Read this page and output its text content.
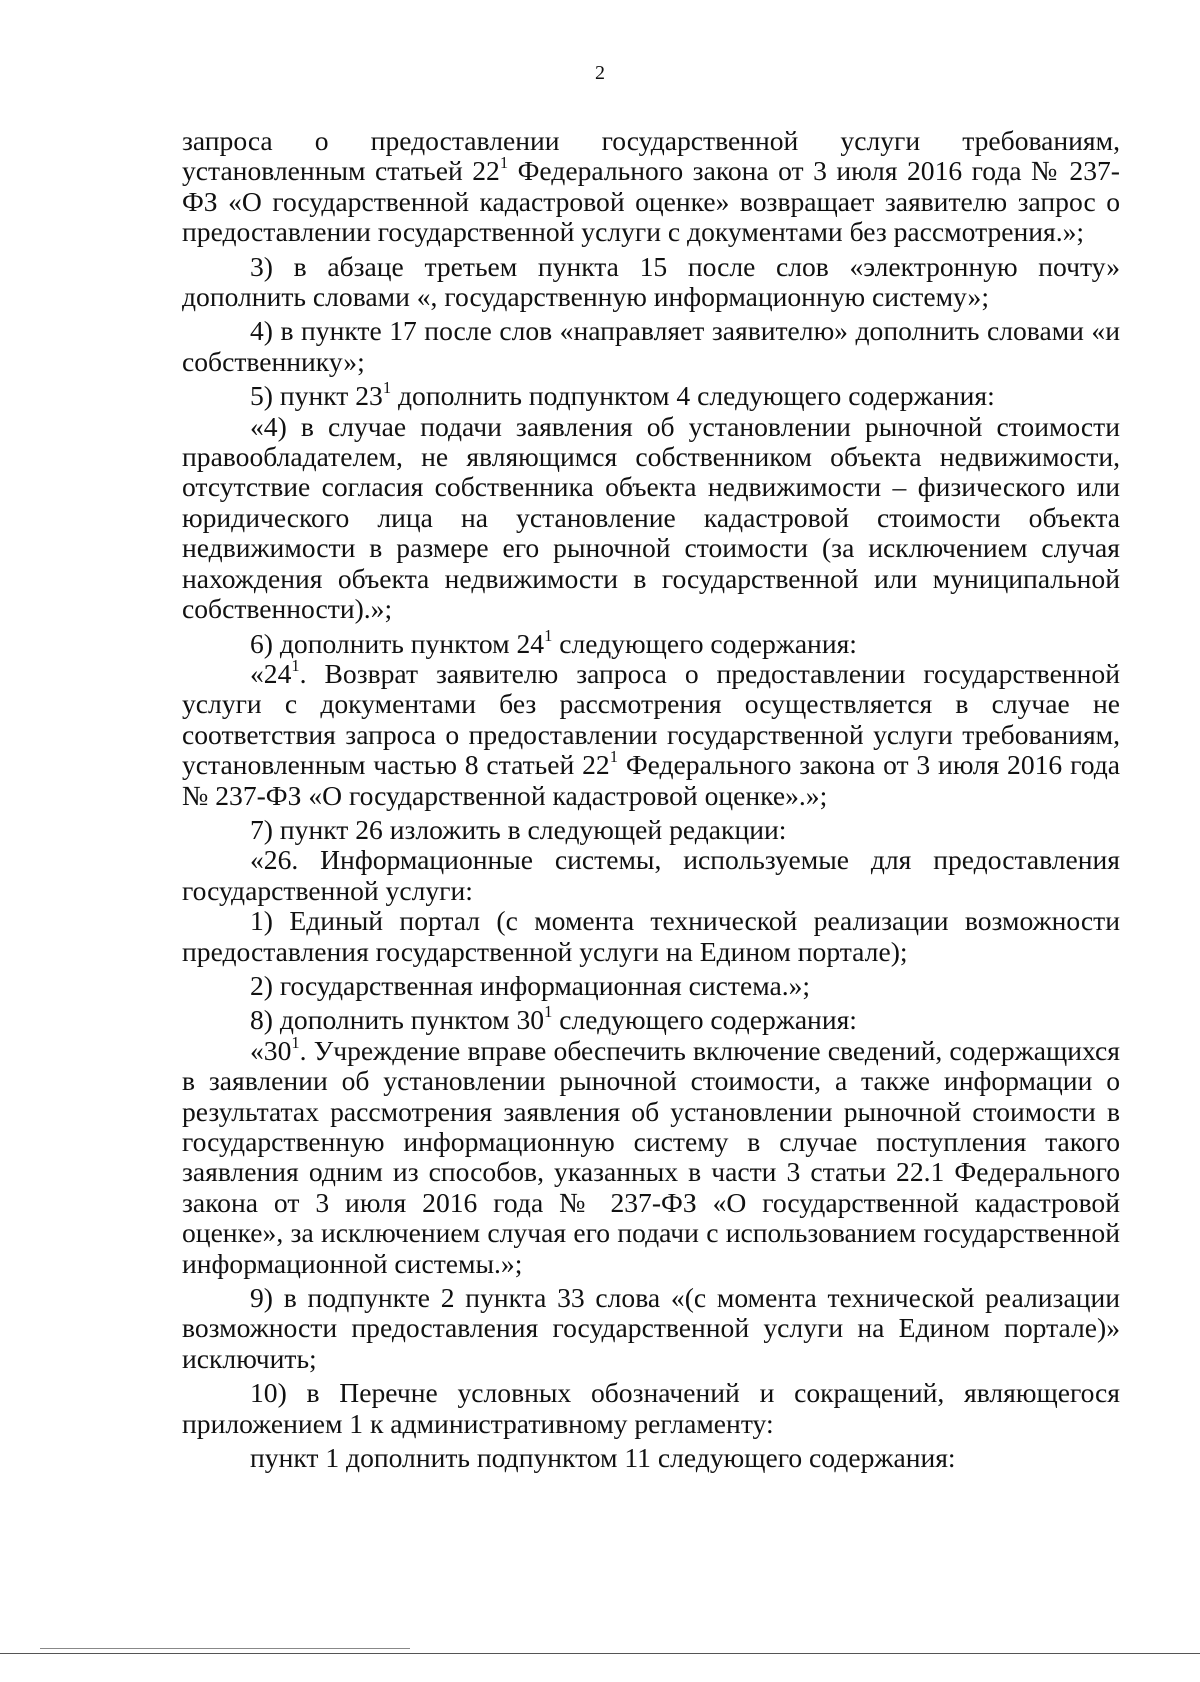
2

запроса о предоставлении государственной услуги требованиям, установленным статьей $22^1$ Федерального закона от 3 июля 2016 года № 237-ФЗ «О государственной кадастровой оценке» возвращает заявителю запрос о предоставлении государственной услуги с документами без рассмотрения.»;

3) в абзаце третьем пункта 15 после слов «электронную почту» дополнить словами «, государственную информационную систему»;

4) в пункте 17 после слов «направляет заявителю» дополнить словами «и собственнику»;

5) пункт $23^1$ дополнить подпунктом 4 следующего содержания:

«4) в случае подачи заявления об установлении рыночной стоимости правообладателем, не являющимся собственником объекта недвижимости, отсутствие согласия собственника объекта недвижимости – физического или юридического лица на установление кадастровой стоимости объекта недвижимости в размере его рыночной стоимости (за исключением случая нахождения объекта недвижимости в государственной или муниципальной собственности).»;

6) дополнить пунктом $24^1$ следующего содержания:

«$24^1$. Возврат заявителю запроса о предоставлении государственной услуги с документами без рассмотрения осуществляется в случае не соответствия запроса о предоставлении государственной услуги требованиям, установленным частью 8 статьей $22^1$ Федерального закона от 3 июля 2016 года № 237-ФЗ «О государственной кадастровой оценке».»;

7) пункт 26 изложить в следующей редакции:

«26. Информационные системы, используемые для предоставления государственной услуги:

1) Единый портал (с момента технической реализации возможности предоставления государственной услуги на Едином портале);

2) государственная информационная система.»;

8) дополнить пунктом $30^1$ следующего содержания:

«$30^1$. Учреждение вправе обеспечить включение сведений, содержащихся в заявлении об установлении рыночной стоимости, а также информации о результатах рассмотрения заявления об установлении рыночной стоимости в государственную информационную систему в случае поступления такого заявления одним из способов, указанных в части 3 статьи 22.1 Федерального закона от 3 июля 2016 года № 237-ФЗ «О государственной кадастровой оценке», за исключением случая его подачи с использованием государственной информационной системы.»;

9) в подпункте 2 пункта 33 слова «(с момента технической реализации возможности предоставления государственной услуги на Едином портале)» исключить;

10) в Перечне условных обозначений и сокращений, являющегося приложением 1 к административному регламенту:

пункт 1 дополнить подпунктом 11 следующего содержания:
